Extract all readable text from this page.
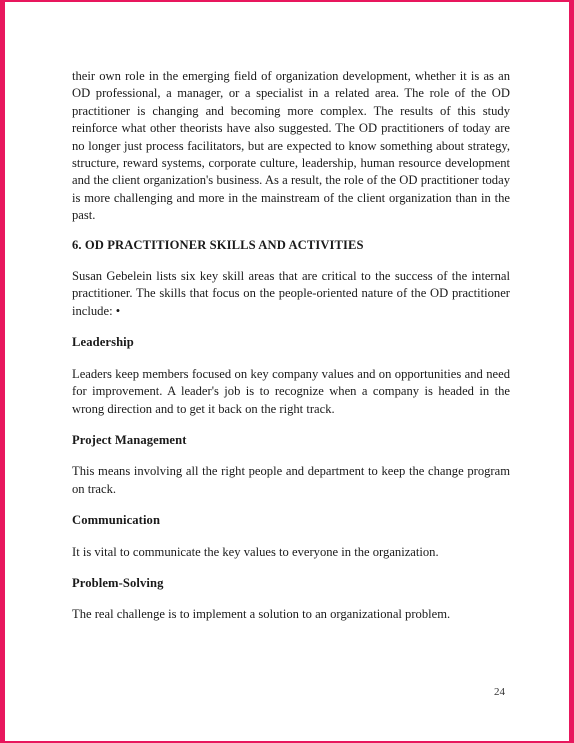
their own role in the emerging field of organization development, whether it is as an OD professional, a manager, or a specialist in a related area. The role of the OD practitioner is changing and becoming more complex. The results of this study reinforce what other theorists have also suggested. The OD practitioners of today are no longer just process facilitators, but are expected to know something about strategy, structure, reward systems, corporate culture, leadership, human resource development and the client organization's business. As a result, the role of the OD practitioner today is more challenging and more in the mainstream of the client organization than in the past.

6. OD PRACTITIONER SKILLS AND ACTIVITIES

Susan Gebelein lists six key skill areas that are critical to the success of the internal practitioner. The skills that focus on the people-oriented nature of the OD practitioner include: •

Leadership

Leaders keep members focused on key company values and on opportunities and need for improvement. A leader's job is to recognize when a company is headed in the wrong direction and to get it back on the right track.

Project Management

This means involving all the right people and department to keep the change program on track.

Communication

It is vital to communicate the key values to everyone in the organization.

Problem-Solving

The real challenge is to implement a solution to an organizational problem.

24
